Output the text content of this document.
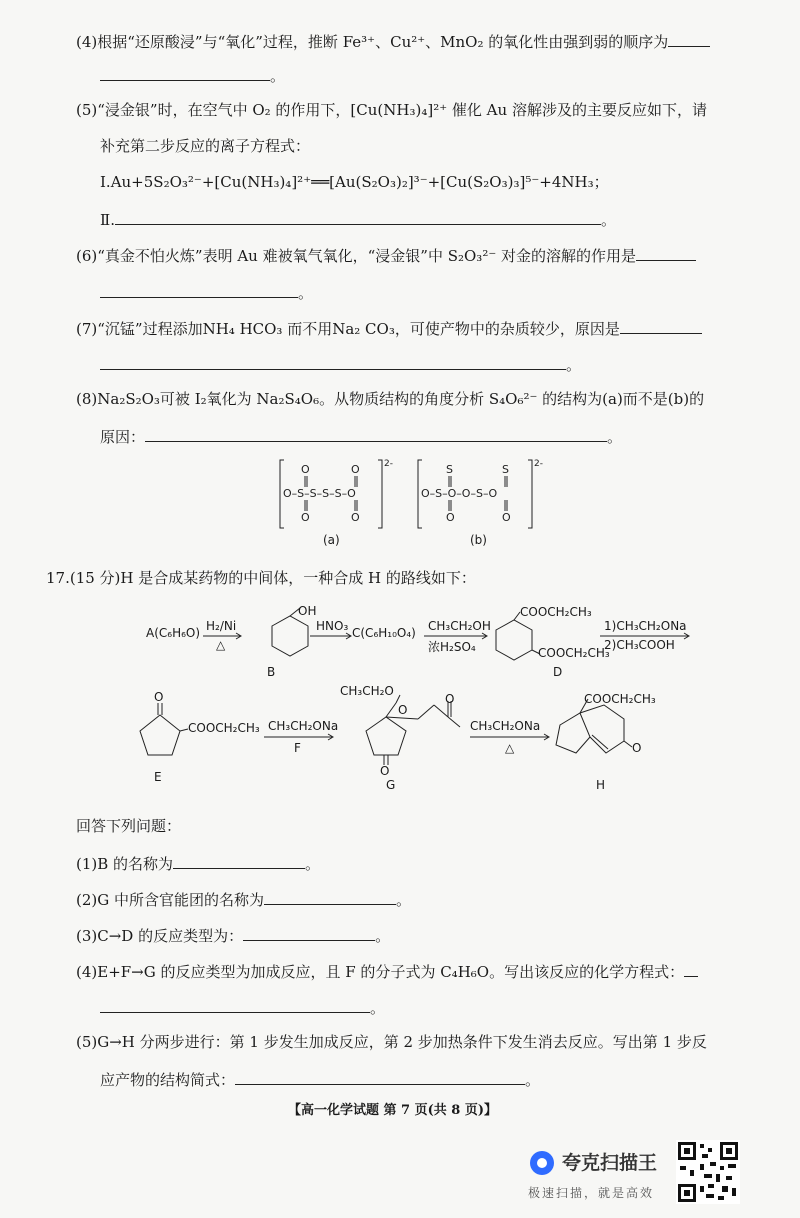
(4)根据“还原酸浸”与“氧化”过程，推断 Fe³⁺、Cu²⁺、MnO₂ 的氧化性由强到弱的顺序为
。
(5)“浸金银”时，在空气中 O₂ 的作用下，[Cu(NH₃)₄]²⁺ 催化 Au 溶解涉及的主要反应如下，请
补充第二步反应的离子方程式：
Ⅰ.Au+5S₂O₃²⁻+[Cu(NH₃)₄]²⁺══[Au(S₂O₃)₂]³⁻+[Cu(S₂O₃)₃]⁵⁻+4NH₃；
Ⅱ.	。
(6)“真金不怕火炼”表明 Au 难被氧气氧化，“浸金银”中 S₂O₃²⁻ 对金的溶解的作用是
。
(7)“沉锰”过程添加NH₄ HCO₃ 而不用Na₂ CO₃，可使产物中的杂质较少，原因是
。
(8)Na₂S₂O₃可被 I₂氧化为 Na₂S₄O₆。从物质结构的角度分析 S₄O₆²⁻ 的结构为(a)而不是(b)的
原因：	。
2-
O	O
O–S–S–S–S–O
O	O
2-
S	S
O–S–O–O–S–O
O	O
(a)	(b)
17.(15 分)H 是合成某药物的中间体，一种合成 H 的路线如下：
A(C₆H₆O) H₂/Ni
△
OH
B
HNO₃ C(C₆H₁₀O₄) CH₃CH₂OH
浓H₂SO₄
COOCH₂CH₃
COOCH₂CH₃
D
1)CH₃CH₂ONa
2)CH₃COOH
O
COOCH₂CH₃
E
CH₃CH₂ONa
F
CH₃CH₂O
O
O
O
G
CH₃CH₂ONa
△
COOCH₂CH₃
O
H
回答下列问题：
(1)B 的名称为	。
(2)G 中所含官能团的名称为	。
(3)C→D 的反应类型为：	。
(4)E+F→G 的反应类型为加成反应，且 F 的分子式为 C₄H₆O。写出该反应的化学方程式：
。
(5)G→H 分两步进行：第 1 步发生加成反应，第 2 步加热条件下发生消去反应。写出第 1 步反
应产物的结构简式：	。
【高一化学试题 第 7 页(共 8 页)】
夸克扫描王
极速扫描，就是高效
